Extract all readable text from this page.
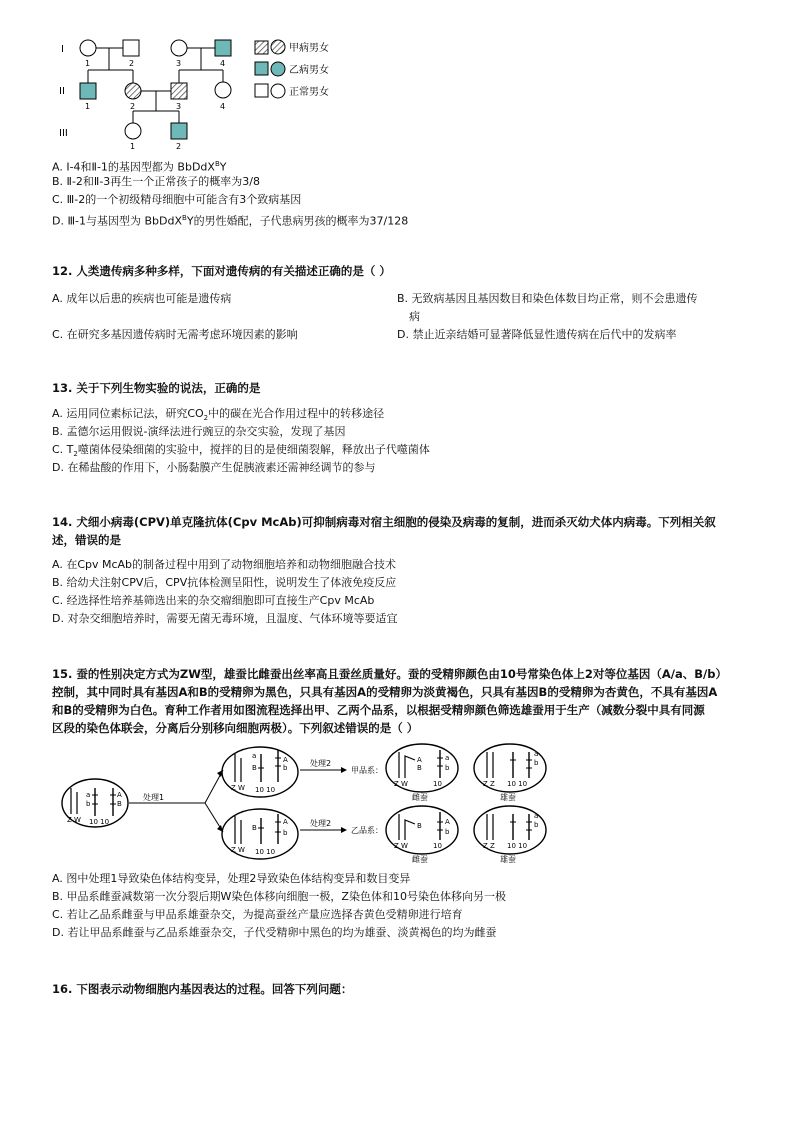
I
II
III
1	2	3	4
1	2	3	4
1	2
甲病男女
乙病男女
正常男女
A. I-4和Ⅱ-1的基因型都为 BbDdX$^B$Y
B. Ⅱ-2和Ⅱ-3再生一个正常孩子的概率为3/8
C. Ⅲ-2的一个初级精母细胞中可能含有3个致病基因
D. Ⅲ-1与基因型为 BbDdX$^B$Y的男性婚配，子代患病男孩的概率为37/128
12. 人类遗传病多种多样，下面对遗传病的有关描述正确的是（ ）
A. 成年以后患的疾病也可能是遗传病	B. 无致病基因且基因数目和染色体数目均正常，则不会患遗传
病
C. 在研究多基因遗传病时无需考虑环境因素的影响	D. 禁止近亲结婚可显著降低显性遗传病在后代中的发病率
13. 关于下列生物实验的说法，正确的是
A. 运用同位素标记法，研究$CO_2$中的碳在光合作用过程中的转移途径
B. 孟德尔运用假说-演绎法进行豌豆的杂交实验，发现了基因
C. $T_2$噬菌体侵染细菌的实验中，搅拌的目的是使细菌裂解，释放出子代噬菌体
D. 在稀盐酸的作用下，小肠黏膜产生促胰液素还需神经调节的参与
14. 犬细小病毒(CPV)单克隆抗体(Cpv McAb)可抑制病毒对宿主细胞的侵染及病毒的复制，进而杀灭幼犬体内病毒。下列相关叙
述，错误的是
A. 在Cpv McAb的制备过程中用到了动物细胞培养和动物细胞融合技术
B. 给幼犬注射CPV后，CPV抗体检测呈阳性，说明发生了体液免疫反应
C. 经选择性培养基筛选出来的杂交瘤细胞即可直接生产Cpv McAb
D. 对杂交细胞培养时，需要无菌无毒环境，且温度、气体环境等要适宜
15. 蚕的性别决定方式为ZW型，雄蚕比雌蚕出丝率高且蚕丝质量好。蚕的受精卵颜色由10号常染色体上2对等位基因（A/a、B/b）
控制，其中同时具有基因A和B的受精卵为黑色，只具有基因A的受精卵为淡黄褐色，只具有基因B的受精卵为杏黄色，不具有基因A
和B的受精卵为白色。育种工作者用如图流程选择出甲、乙两个品系，以根据受精卵颜色筛选雄蚕用于生产（减数分裂中具有同源
区段的染色体联会，分离后分别移向细胞两极）。下列叙述错误的是（ ）
a
b
A
B
Z W 10 10
处理1
a
B
A
b
Z W 10 10
B
A
b
Z W 10 10
处理2
处理2
甲品系：
乙品系：
A
B
a
b
Z W	10
雌蚕
a
b
Z Z 10 10
雄蚕
B	A
b
Z W	10
雌蚕
a
b
Z Z 10 10
雄蚕
A. 图中处理1导致染色体结构变异，处理2导致染色体结构变异和数目变异
B. 甲品系雌蚕减数第一次分裂后期W染色体移向细胞一极，Z染色体和10号染色体移向另一极
C. 若让乙品系雌蚕与甲品系雄蚕杂交，为提高蚕丝产量应选择杏黄色受精卵进行培育
D. 若让甲品系雌蚕与乙品系雄蚕杂交，子代受精卵中黑色的均为雄蚕、淡黄褐色的均为雌蚕
16. 下图表示动物细胞内基因表达的过程。回答下列问题：
